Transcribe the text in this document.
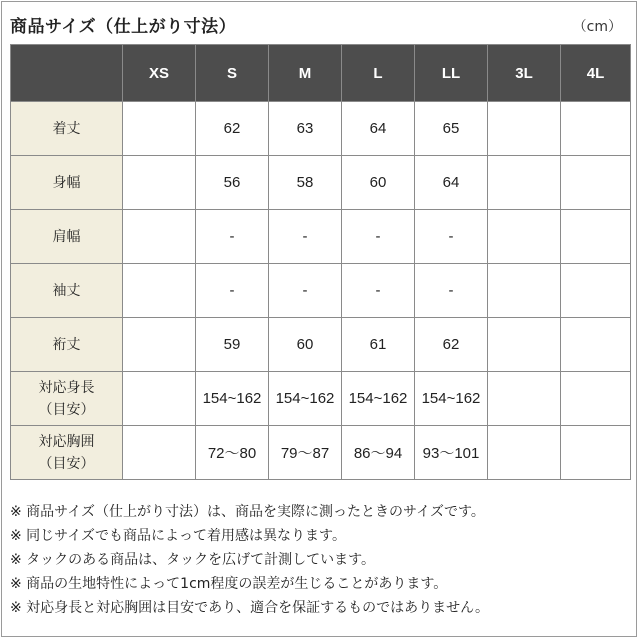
商品サイズ（仕上がり寸法）	（cm）
	XS	S	M	L	LL	3L	4L
着丈		62	63	64	65		
身幅		56	58	60	64		
肩幅		-	-	-	-		
袖丈		-	-	-	-		
裄丈		59	60	61	62		

対応身長
（目安）		154~162	154~162	154~162	154~162		

対応胸囲
（目安）		72～80	79～87	86～94	93～101		
※ 商品サイズ（仕上がり寸法）は、商品を実際に測ったときのサイズです。
※ 同じサイズでも商品によって着用感は異なります。
※ タックのある商品は、タックを広げて計測しています。
※ 商品の生地特性によって1cm程度の誤差が生じることがあります。
※ 対応身長と対応胸囲は目安であり、適合を保証するものではありません。
